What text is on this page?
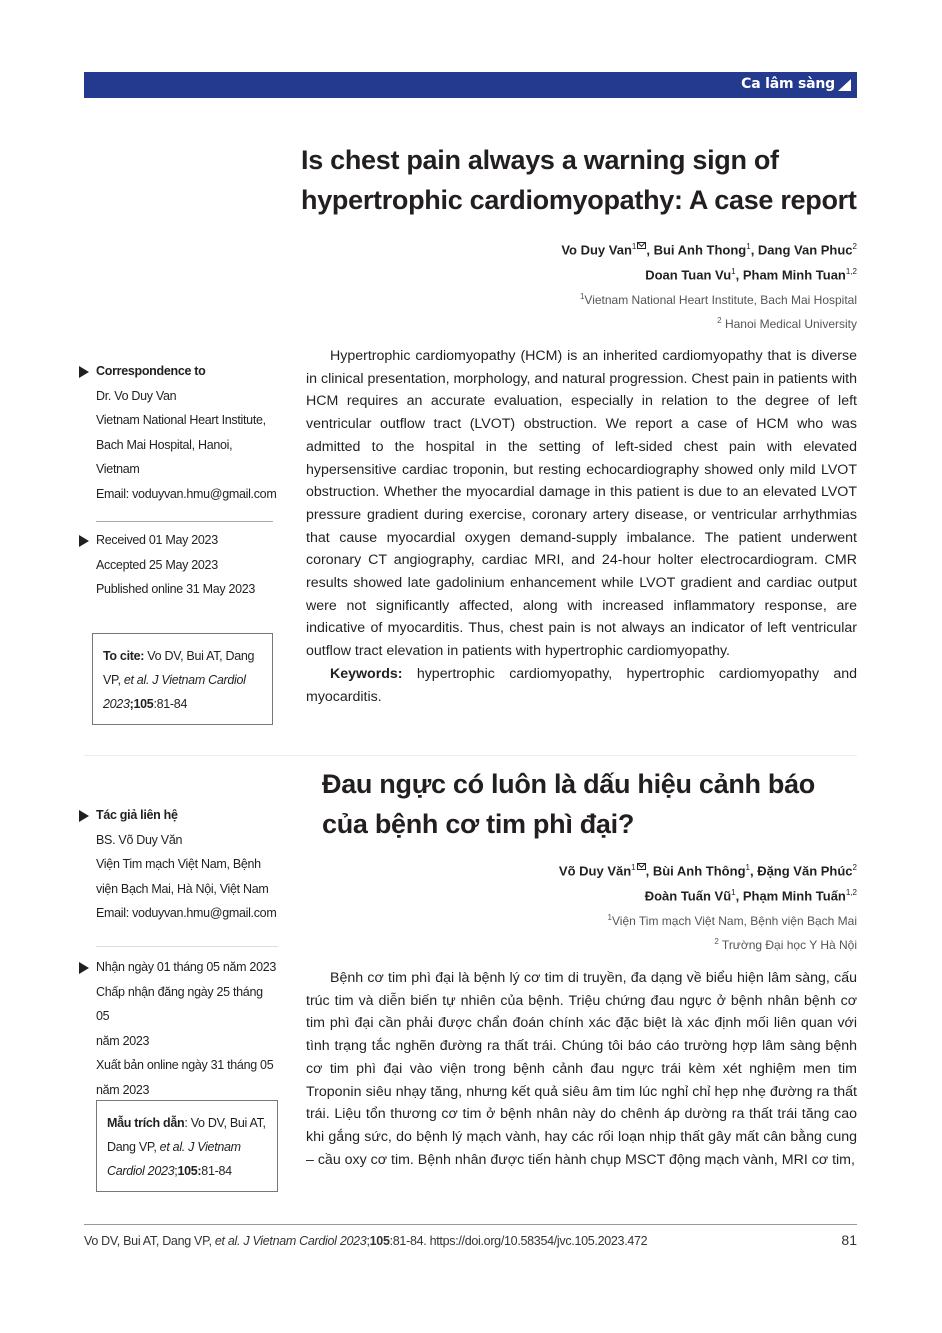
Ca lâm sàng
Is chest pain always a warning sign of
hypertrophic cardiomyopathy: A case report
Vo Duy Van$^1$ , Bui Anh Thong$^1$, Dang Van Phuc$^2$
Doan Tuan Vu$^1$, Pham Minh Tuan$^{1,2}$
$^1$Vietnam National Heart Institute, Bach Mai Hospital
$^2$ Hanoi Medical University
Correspondence to
Dr. Vo Duy Van
Vietnam National Heart Institute,
Bach Mai Hospital, Hanoi, Vietnam
Email: voduyvan.hmu@gmail.com
Received 01 May 2023
Accepted 25 May 2023
Published online 31 May 2023
To cite: Vo DV, Bui AT, Dang VP, et al. J Vietnam Cardiol 2023;105:81-84

Hypertrophic cardiomyopathy (HCM) is an inherited cardiomyopathy that is diverse in clinical presentation, morphology, and natural progression. Chest pain in patients with HCM requires an accurate evaluation, especially in relation to the degree of left ventricular outflow tract (LVOT) obstruction. We report a case of HCM who was admitted to the hospital in the setting of left-sided chest pain with elevated hypersensitive cardiac troponin, but resting echocardiography showed only mild LVOT obstruction. Whether the myocardial damage in this patient is due to an elevated LVOT pressure gradient during exercise, coronary artery disease, or ventricular arrhythmias that cause myocardial oxygen demand-supply imbalance. The patient underwent coronary CT angiography, cardiac MRI, and 24-hour holter electrocardiogram. CMR results showed late gadolinium enhancement while LVOT gradient and cardiac output were not significantly affected, along with increased inflammatory response, are indicative of myocarditis. Thus, chest pain is not always an indicator of left ventricular outflow tract elevation in patients with hypertrophic cardiomyopathy.

Keywords: hypertrophic cardiomyopathy, hypertrophic cardiomyopathy and myocarditis.

Đau ngực có luôn là dấu hiệu cảnh báo
của bệnh cơ tim phì đại?
Võ Duy Văn$^1$ , Bùi Anh Thông$^1$, Đặng Văn Phúc$^2$
Đoàn Tuấn $Vũ^1$, Phạm Minh Tuấn$^{1,2}$
$^1$Viện Tim mạch Việt Nam, Bệnh viện Bạch Mai
$^2$ Trường Đại học Y Hà Nội
Tác giả liên hệ
BS. Võ Duy Văn
Viện Tim mạch Việt Nam, Bệnh
viện Bạch Mai, Hà Nội, Việt Nam
Email: voduyvan.hmu@gmail.com
Nhận ngày 01 tháng 05 năm 2023
Chấp nhận đăng ngày 25 tháng 05
năm 2023
Xuất bản online ngày 31 tháng 05
năm 2023
Mẫu trích dẫn: Vo DV, Bui AT, Dang VP, et al. J Vietnam Cardiol 2023;105:81-84

Bệnh cơ tim phì đại là bệnh lý cơ tim di truyền, đa dạng về biểu hiện lâm sàng, cấu trúc tim và diễn biến tự nhiên của bệnh. Triệu chứng đau ngực ở bệnh nhân bệnh cơ tim phì đại cần phải được chẩn đoán chính xác đặc biệt là xác định mối liên quan với tình trạng tắc nghẽn đường ra thất trái. Chúng tôi báo cáo trường hợp lâm sàng bệnh cơ tim phì đại vào viện trong bệnh cảnh đau ngực trái kèm xét nghiệm men tim Troponin siêu nhạy tăng, nhưng kết quả siêu âm tim lúc nghỉ chỉ hẹp nhẹ đường ra thất trái. Liệu tổn thương cơ tim ở bệnh nhân này do chênh áp dường ra thất trái tăng cao khi gắng sức, do bệnh lý mạch vành, hay các rối loạn nhịp thất gây mất cân bằng cung – cầu oxy cơ tim. Bệnh nhân được tiến hành chụp MSCT động mạch vành, MRI cơ tim,

Vo DV, Bui AT, Dang VP, et al. J Vietnam Cardiol 2023;105:81-84. https://doi.org/10.58354/jvc.105.2023.472	81
